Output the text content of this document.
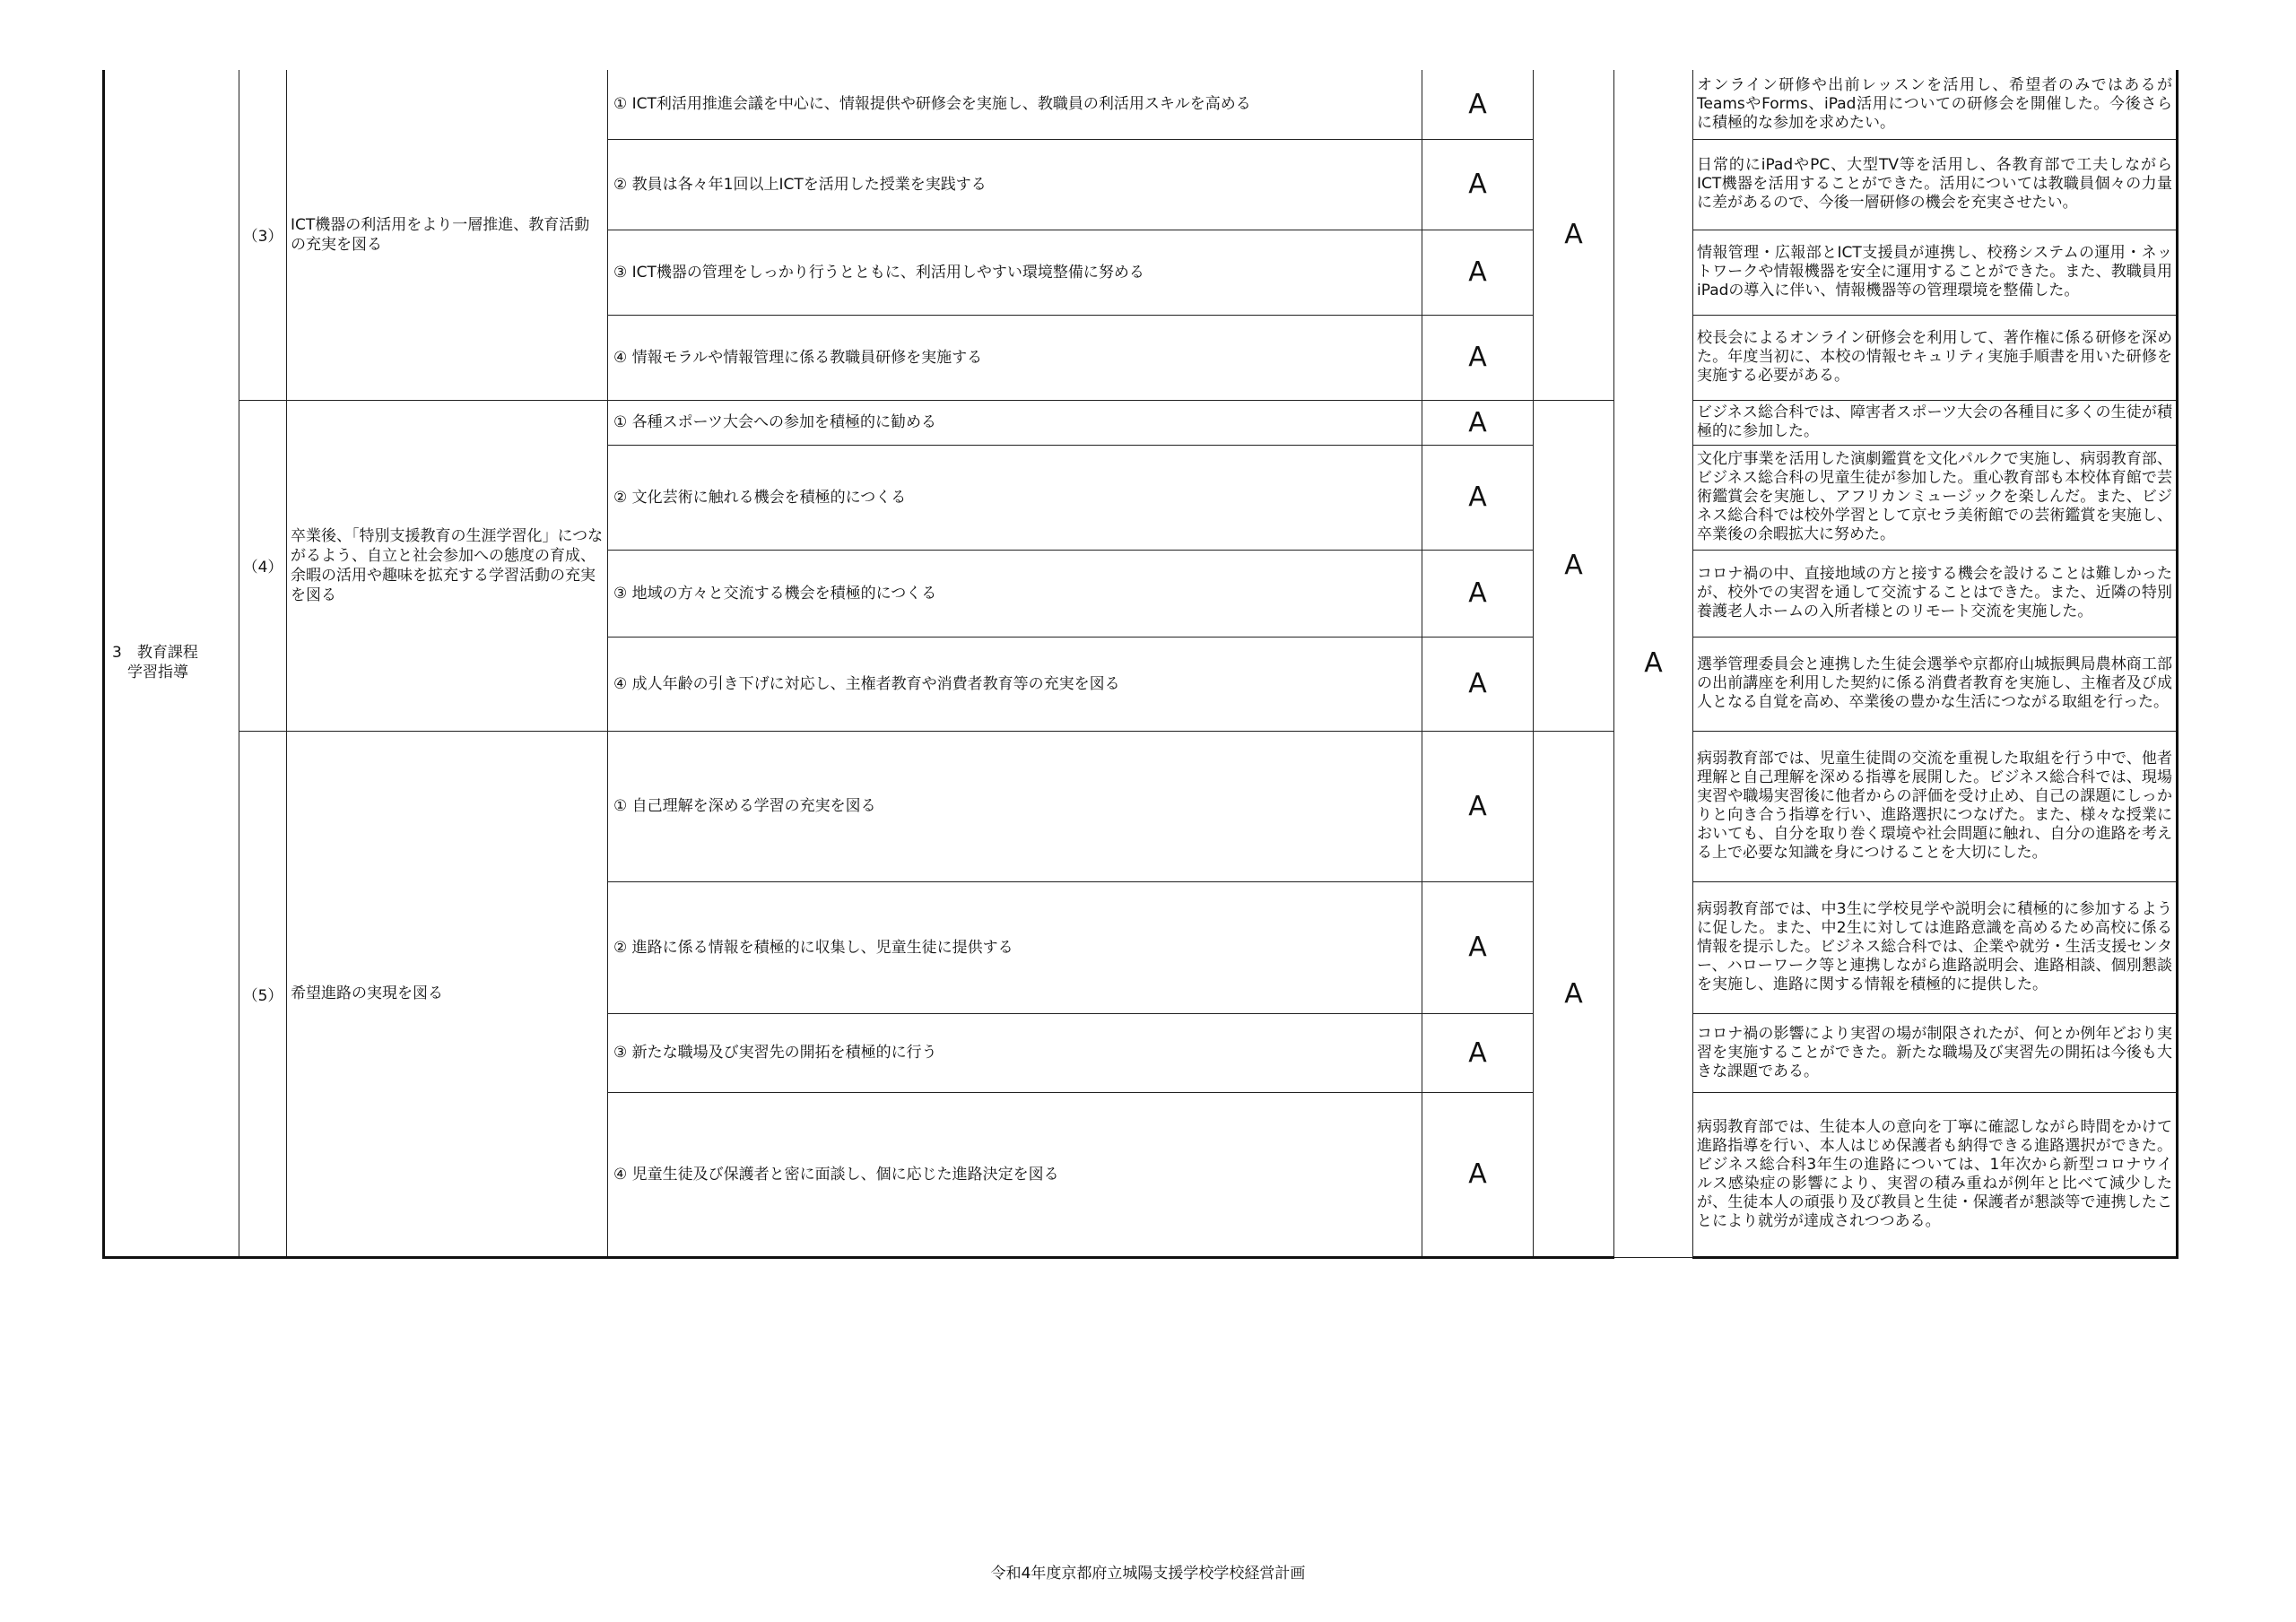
3　教育課程
　学習指導	（3）	ICT機器の利活用をより一層推進、教育活動の充実を図る	① ICT利活用推進会議を中心に、情報提供や研修会を実施し、教職員の利活用スキルを高める	A	A	A	オンライン研修や出前レッスンを活用し、希望者のみではあるがTeamsやForms、iPad活用についての研修会を開催した。今後さらに積極的な参加を求めたい。

			② 教員は各々年1回以上ICTを活用した授業を実践する	A			日常的にiPadやPC、大型TV等を活用し、各教育部で工夫しながらICT機器を活用することができた。活用については教職員個々の力量に差があるので、今後一層研修の機会を充実させたい。

			③ ICT機器の管理をしっかり行うとともに、利活用しやすい環境整備に努める	A			情報管理・広報部とICT支援員が連携し、校務システムの運用・ネットワークや情報機器を安全に運用することができた。また、教職員用iPadの導入に伴い、情報機器等の管理環境を整備した。

			④ 情報モラルや情報管理に係る教職員研修を実施する	A			校長会によるオンライン研修会を利用して、著作権に係る研修を深めた。年度当初に、本校の情報セキュリティ実施手順書を用いた研修を実施する必要がある。

	（4）	卒業後、「特別支援教育の生涯学習化」につながるよう、自立と社会参加への態度の育成、余暇の活用や趣味を拡充する学習活動の充実を図る	① 各種スポーツ大会への参加を積極的に勧める	A	A		ビジネス総合科では、障害者スポーツ大会の各種目に多くの生徒が積極的に参加した。

			② 文化芸術に触れる機会を積極的につくる	A			文化庁事業を活用した演劇鑑賞を文化パルクで実施し、病弱教育部、ビジネス総合科の児童生徒が参加した。重心教育部も本校体育館で芸術鑑賞会を実施し、アフリカンミュージックを楽しんだ。また、ビジネス総合科では校外学習として京セラ美術館での芸術鑑賞を実施し、卒業後の余暇拡大に努めた。

			③ 地域の方々と交流する機会を積極的につくる	A			コロナ禍の中、直接地域の方と接する機会を設けることは難しかったが、校外での実習を通して交流することはできた。また、近隣の特別養護老人ホームの入所者様とのリモート交流を実施した。

			④ 成人年齢の引き下げに対応し、主権者教育や消費者教育等の充実を図る	A			選挙管理委員会と連携した生徒会選挙や京都府山城振興局農林商工部の出前講座を利用した契約に係る消費者教育を実施し、主権者及び成人となる自覚を高め、卒業後の豊かな生活につながる取組を行った。

	（5）	希望進路の実現を図る	① 自己理解を深める学習の充実を図る	A	A		病弱教育部では、児童生徒間の交流を重視した取組を行う中で、他者理解と自己理解を深める指導を展開した。ビジネス総合科では、現場実習や職場実習後に他者からの評価を受け止め、自己の課題にしっかりと向き合う指導を行い、進路選択につなげた。また、様々な授業においても、自分を取り巻く環境や社会問題に触れ、自分の進路を考える上で必要な知識を身につけることを大切にした。

			② 進路に係る情報を積極的に収集し、児童生徒に提供する	A			病弱教育部では、中3生に学校見学や説明会に積極的に参加するように促した。また、中2生に対しては進路意識を高めるため高校に係る情報を提示した。ビジネス総合科では、企業や就労・生活支援センター、ハローワーク等と連携しながら進路説明会、進路相談、個別懇談を実施し、進路に関する情報を積極的に提供した。

			③ 新たな職場及び実習先の開拓を積極的に行う	A			コロナ禍の影響により実習の場が制限されたが、何とか例年どおり実習を実施することができた。新たな職場及び実習先の開拓は今後も大きな課題である。

			④ 児童生徒及び保護者と密に面談し、個に応じた進路決定を図る	A			病弱教育部では、生徒本人の意向を丁寧に確認しながら時間をかけて進路指導を行い、本人はじめ保護者も納得できる進路選択ができた。ビジネス総合科3年生の進路については、1年次から新型コロナウイルス感染症の影響により、実習の積み重ねが例年と比べて減少したが、生徒本人の頑張り及び教員と生徒・保護者が懇談等で連携したことにより就労が達成されつつある。
令和4年度京都府立城陽支援学校学校経営計画
